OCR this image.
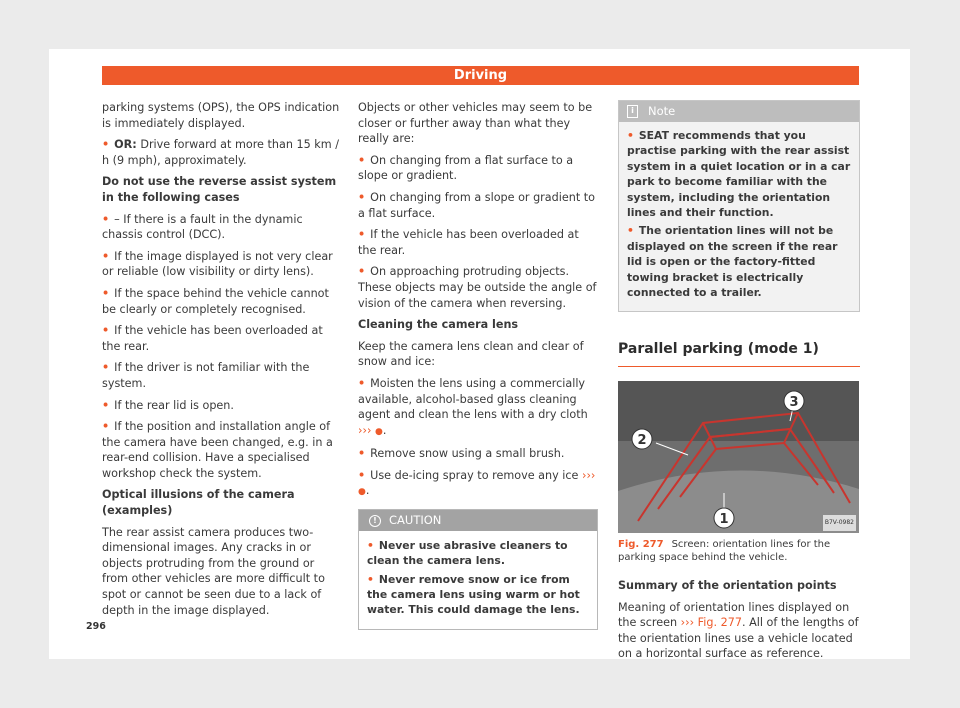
Driving

parking systems (OPS), the OPS indication is immediately displayed.

• OR: Drive forward at more than 15 km / h (9 mph), approximately.

Do not use the reverse assist system in the following cases

• – If there is a fault in the dynamic chassis control (DCC).

• If the image displayed is not very clear or reliable (low visibility or dirty lens).

• If the space behind the vehicle cannot be clearly or completely recognised.

• If the vehicle has been overloaded at the rear.

• If the driver is not familiar with the system.

• If the rear lid is open.

• If the position and installation angle of the camera have been changed, e.g. in a rear-end collision. Have a specialised workshop check the system.

Optical illusions of the camera (examples)

The rear assist camera produces two-dimensional images. Any cracks in or objects protruding from the ground or from other vehicles are more difficult to spot or cannot be seen due to a lack of depth in the image displayed.

Objects or other vehicles may seem to be closer or further away than what they really are:

• On changing from a flat surface to a slope or gradient.

• On changing from a slope or gradient to a flat surface.

• If the vehicle has been overloaded at the rear.

• On approaching protruding objects. These objects may be outside the angle of vision of the camera when reversing.

Cleaning the camera lens

Keep the camera lens clean and clear of snow and ice:

• Moisten the lens using a commercially available, alcohol-based glass cleaning agent and clean the lens with a dry cloth ››› ●.

• Remove snow using a small brush.

• Use de-icing spray to remove any ice ››› ●.

!	CAUTION

• Never use abrasive cleaners to clean the camera lens.

• Never remove snow or ice from the camera lens using warm or hot water. This could damage the lens.

i	Note

• SEAT recommends that you practise parking with the rear assist system in a quiet location or in a car park to become familiar with the system, including the orientation lines and their function.

• The orientation lines will not be displayed on the screen if the rear lid is open or the factory-fitted towing bracket is electrically connected to a trailer.

Parallel parking (mode 1)
1
2
3
B7V-0982

Fig. 277 Screen: orientation lines for the parking space behind the vehicle.

Summary of the orientation points

Meaning of orientation lines displayed on the screen ››› Fig. 277. All of the lengths of the orientation lines use a vehicle located on a horizontal surface as reference.

296
